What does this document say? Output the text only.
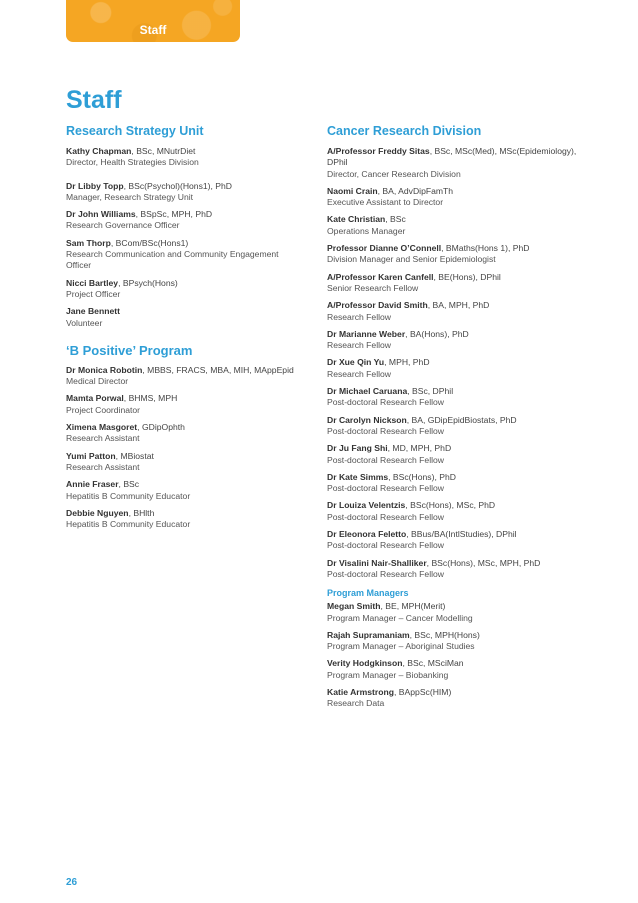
Staff
Staff
Research Strategy Unit
Kathy Chapman, BSc, MNutrDiet
Director, Health Strategies Division
Dr Libby Topp, BSc(Psychol)(Hons1), PhD
Manager, Research Strategy Unit
Dr John Williams, BSpSc, MPH, PhD
Research Governance Officer
Sam Thorp, BCom/BSc(Hons1)
Research Communication and Community Engagement Officer
Nicci Bartley, BPsych(Hons)
Project Officer
Jane Bennett
Volunteer
‘B Positive’ Program
Dr Monica Robotin, MBBS, FRACS, MBA, MIH, MAppEpid
Medical Director
Mamta Porwal, BHMS, MPH
Project Coordinator
Ximena Masgoret, GDipOphth
Research Assistant
Yumi Patton, MBiostat
Research Assistant
Annie Fraser, BSc
Hepatitis B Community Educator
Debbie Nguyen, BHlth
Hepatitis B Community Educator
Cancer Research Division
A/Professor Freddy Sitas, BSc, MSc(Med), MSc(Epidemiology), DPhil
Director, Cancer Research Division
Naomi Crain, BA, AdvDipFamTh
Executive Assistant to Director
Kate Christian, BSc
Operations Manager
Professor Dianne O’Connell, BMaths(Hons 1), PhD
Division Manager and Senior Epidemiologist
A/Professor Karen Canfell, BE(Hons), DPhil
Senior Research Fellow
A/Professor David Smith, BA, MPH, PhD
Research Fellow
Dr Marianne Weber, BA(Hons), PhD
Research Fellow
Dr Xue Qin Yu, MPH, PhD
Research Fellow
Dr Michael Caruana, BSc, DPhil
Post-doctoral Research Fellow
Dr Carolyn Nickson, BA, GDipEpidBiostats, PhD
Post-doctoral Research Fellow
Dr Ju Fang Shi, MD, MPH, PhD
Post-doctoral Research Fellow
Dr Kate Simms, BSc(Hons), PhD
Post-doctoral Research Fellow
Dr Louiza Velentzis, BSc(Hons), MSc, PhD
Post-doctoral Research Fellow
Dr Eleonora Feletto, BBus/BA(IntlStudies), DPhil
Post-doctoral Research Fellow
Dr Visalini Nair-Shalliker, BSc(Hons), MSc, MPH, PhD
Post-doctoral Research Fellow
Program Managers
Megan Smith, BE, MPH(Merit)
Program Manager – Cancer Modelling
Rajah Supramaniam, BSc, MPH(Hons)
Program Manager – Aboriginal Studies
Verity Hodgkinson, BSc, MSciMan
Program Manager – Biobanking
Katie Armstrong, BAppSc(HIM)
Research Data
26
